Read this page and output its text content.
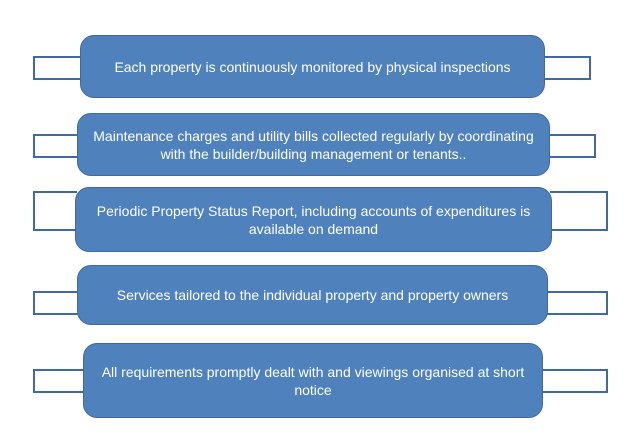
Each property is continuously monitored by physical inspections
Maintenance charges and utility bills collected regularly by coordinating with the builder/building management or tenants..
Periodic Property Status Report, including accounts of expenditures is available on demand
Services tailored to the individual property and property owners
All requirements promptly dealt with and viewings organised at short notice
